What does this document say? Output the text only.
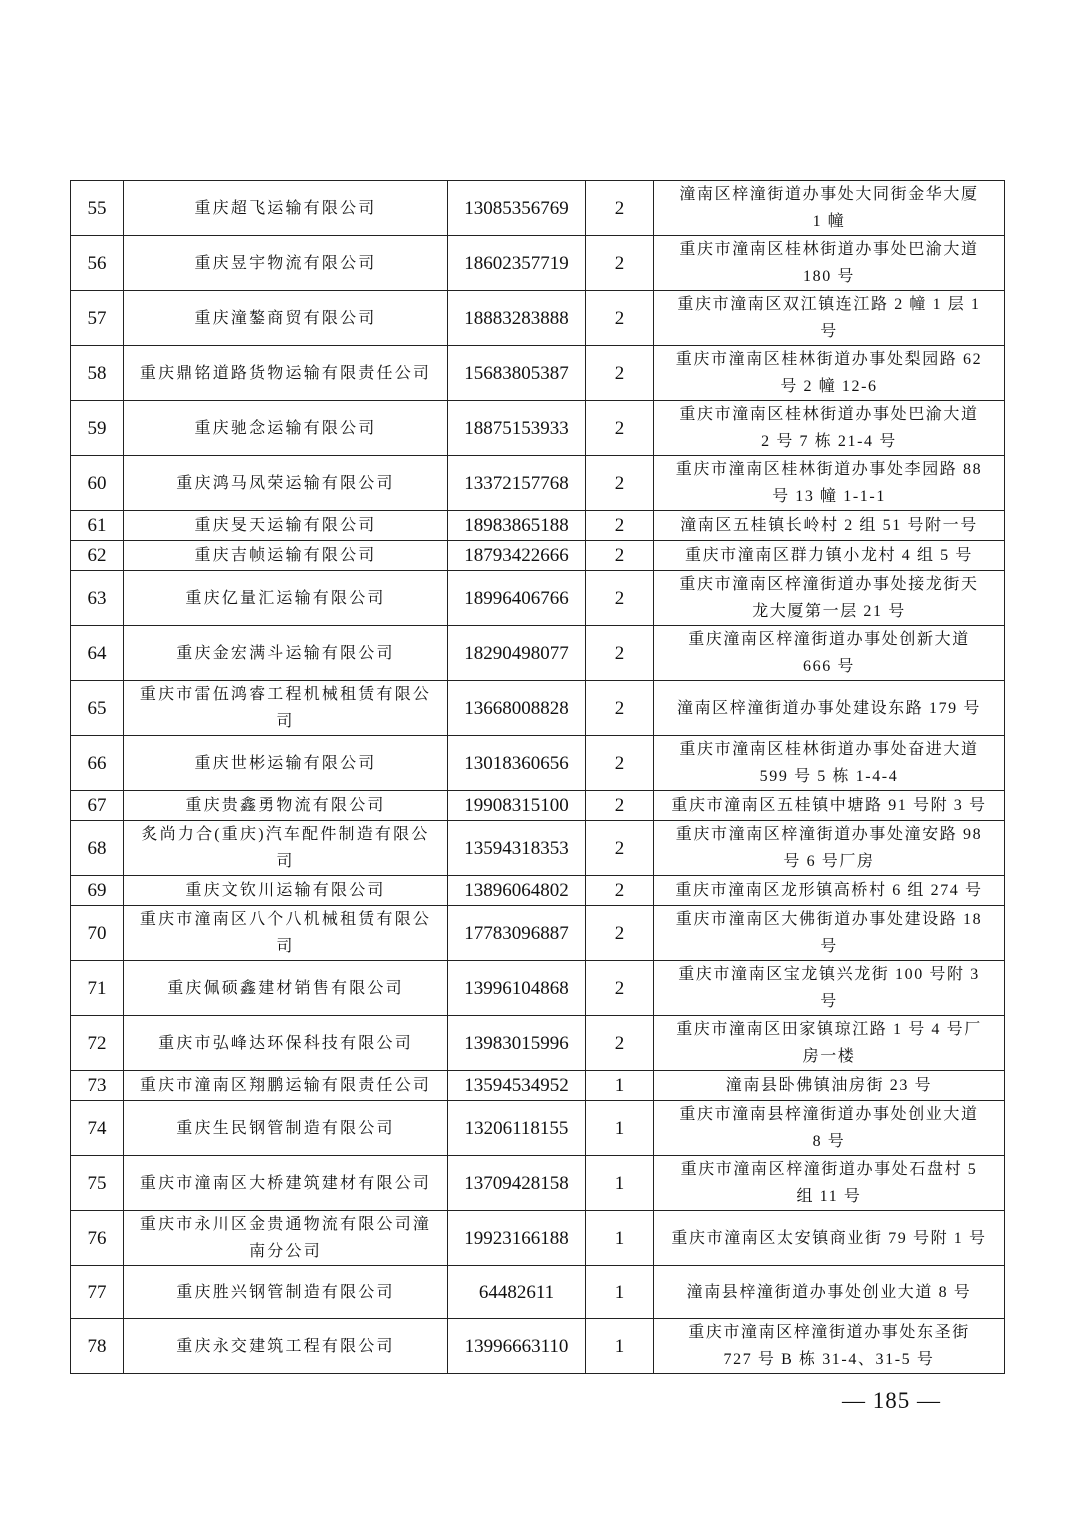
55	重庆超飞运输有限公司	13085356769	2	潼南区梓潼街道办事处大同街金华大厦
1 幢
56	重庆昱宇物流有限公司	18602357719	2	重庆市潼南区桂林街道办事处巴渝大道
180 号
57	重庆潼鏊商贸有限公司	18883283888	2	重庆市潼南区双江镇连江路 2 幢 1 层 1
号
58	重庆鼎铭道路货物运输有限责任公司	15683805387	2	重庆市潼南区桂林街道办事处梨园路 62
号 2 幢 12-6
59	重庆驰念运输有限公司	18875153933	2	重庆市潼南区桂林街道办事处巴渝大道
2 号 7 栋 21-4 号
60	重庆鸿马凤荣运输有限公司	13372157768	2	重庆市潼南区桂林街道办事处李园路 88
号 13 幢 1-1-1
61	重庆旻天运输有限公司	18983865188	2	潼南区五桂镇长岭村 2 组 51 号附一号
62	重庆吉帧运输有限公司	18793422666	2	重庆市潼南区群力镇小龙村 4 组 5 号
63	重庆亿量汇运输有限公司	18996406766	2	重庆市潼南区梓潼街道办事处接龙街天
龙大厦第一层 21 号
64	重庆金宏满斗运输有限公司	18290498077	2	重庆潼南区梓潼街道办事处创新大道
666 号
65	重庆市雷伍鸿睿工程机械租赁有限公
司	13668008828	2	潼南区梓潼街道办事处建设东路 179 号
66	重庆世彬运输有限公司	13018360656	2	重庆市潼南区桂林街道办事处奋进大道
599 号 5 栋 1-4-4
67	重庆贵鑫勇物流有限公司	19908315100	2	重庆市潼南区五桂镇中塘路 91 号附 3 号
68	炙尚力合(重庆)汽车配件制造有限公
司	13594318353	2	重庆市潼南区梓潼街道办事处潼安路 98
号 6 号厂房
69	重庆文钦川运输有限公司	13896064802	2	重庆市潼南区龙形镇高桥村 6 组 274 号
70	重庆市潼南区八个八机械租赁有限公
司	17783096887	2	重庆市潼南区大佛街道办事处建设路 18
号
71	重庆佩硕鑫建材销售有限公司	13996104868	2	重庆市潼南区宝龙镇兴龙街 100 号附 3
号
72	重庆市弘峰达环保科技有限公司	13983015996	2	重庆市潼南区田家镇琼江路 1 号 4 号厂
房一楼
73	重庆市潼南区翔鹏运输有限责任公司	13594534952	1	潼南县卧佛镇油房街 23 号
74	重庆生民钢管制造有限公司	13206118155	1	重庆市潼南县梓潼街道办事处创业大道
8 号
75	重庆市潼南区大桥建筑建材有限公司	13709428158	1	重庆市潼南区梓潼街道办事处石盘村 5
组 11 号
76	重庆市永川区金贵通物流有限公司潼
南分公司	19923166188	1	重庆市潼南区太安镇商业街 79 号附 1 号
77	重庆胜兴钢管制造有限公司	64482611	1	潼南县梓潼街道办事处创业大道 8 号
78	重庆永交建筑工程有限公司	13996663110	1	重庆市潼南区梓潼街道办事处东圣街
727 号 B 栋 31-4、31-5 号
— 185 —
